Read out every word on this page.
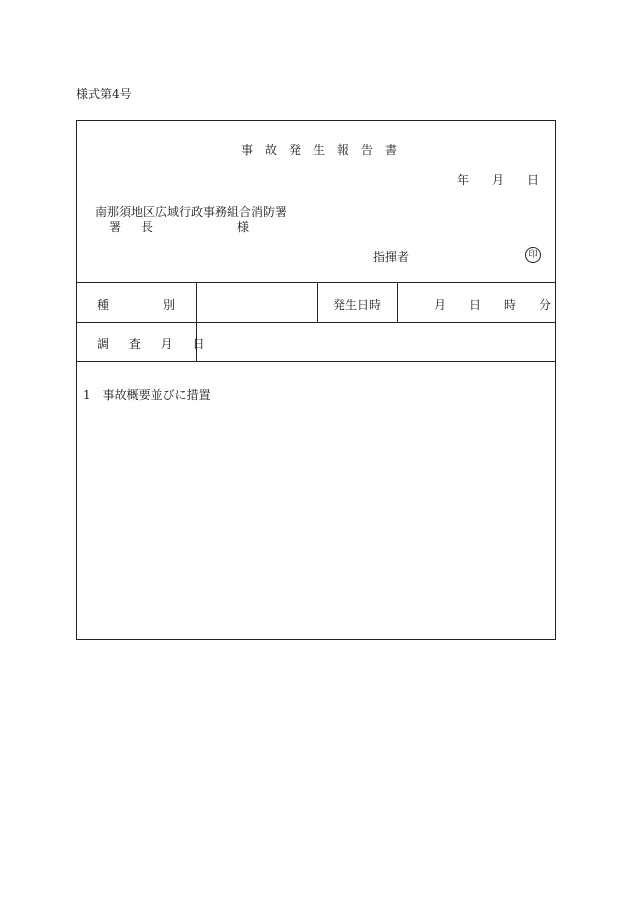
様式第4号
事故発生報告書
年 月 日
南那須地区広域行政事務組合消防署
署 長	様
指揮者	印
種　　別	発生日時	月 日 時 分
調 査 月 日
1　事故概要並びに措置
